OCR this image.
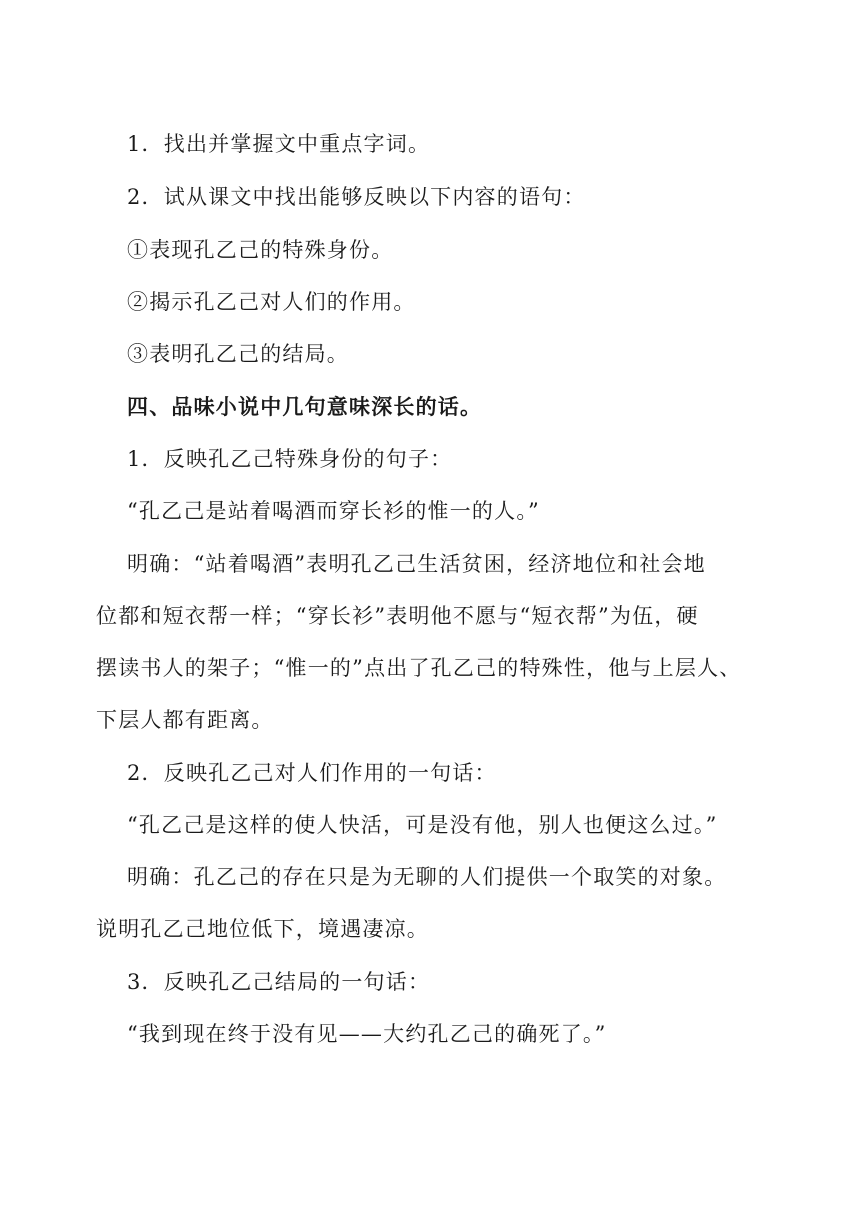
1．找出并掌握文中重点字词。
2．试从课文中找出能够反映以下内容的语句：
①表现孔乙己的特殊身份。
②揭示孔乙己对人们的作用。
③表明孔乙己的结局。
四、品味小说中几句意味深长的话。
1．反映孔乙己特殊身份的句子：
“孔乙己是站着喝酒而穿长衫的惟一的人。”
明确：“站着喝酒”表明孔乙己生活贫困，经济地位和社会地
位都和短衣帮一样；“穿长衫”表明他不愿与“短衣帮”为伍，硬
摆读书人的架子；“惟一的”点出了孔乙己的特殊性，他与上层人、
下层人都有距离。
2．反映孔乙己对人们作用的一句话：
“孔乙己是这样的使人快活，可是没有他，别人也便这么过。”
明确：孔乙己的存在只是为无聊的人们提供一个取笑的对象。
说明孔乙己地位低下，境遇凄凉。
3．反映孔乙己结局的一句话：
“我到现在终于没有见——大约孔乙己的确死了。”
